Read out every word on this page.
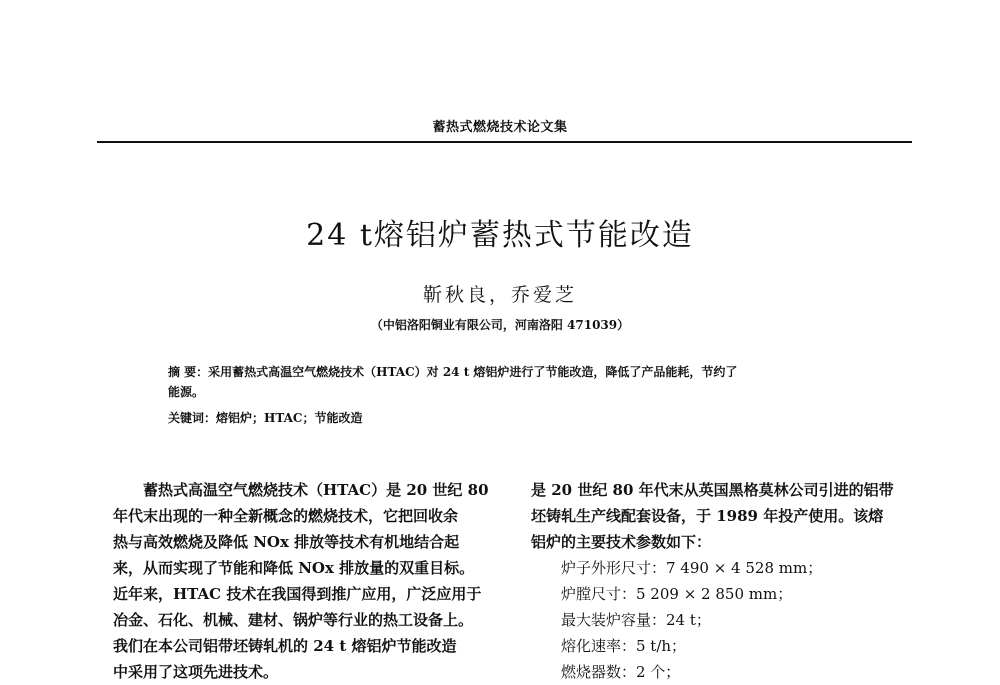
蓄热式燃烧技术论文集
24 t熔铝炉蓄热式节能改造
靳秋良，乔爱芝
（中铝洛阳铜业有限公司，河南洛阳 471039）
摘 要：采用蓄热式高温空气燃烧技术（HTAC）对 24 t 熔铝炉进行了节能改造，降低了产品能耗，节约了
能源。
关键词：熔铝炉；HTAC；节能改造
蓄热式高温空气燃烧技术（HTAC）是 20 世纪 80
年代末出现的一种全新概念的燃烧技术，它把回收余
热与高效燃烧及降低 NOx 排放等技术有机地结合起
来，从而实现了节能和降低 NOx 排放量的双重目标。
近年来，HTAC 技术在我国得到推广应用，广泛应用于
冶金、石化、机械、建材、锅炉等行业的热工设备上。
我们在本公司铝带坯铸轧机的 24 t 熔铝炉节能改造
中采用了这项先进技术。
是 20 世纪 80 年代末从英国黑格莫林公司引进的铝带
坯铸轧生产线配套设备，于 1989 年投产使用。该熔
铝炉的主要技术参数如下：
炉子外形尺寸：7 490 × 4 528 mm；
炉膛尺寸：5 209 × 2 850 mm；
最大装炉容量：24 t；
熔化速率：5 t/h；
燃烧器数：2 个；
